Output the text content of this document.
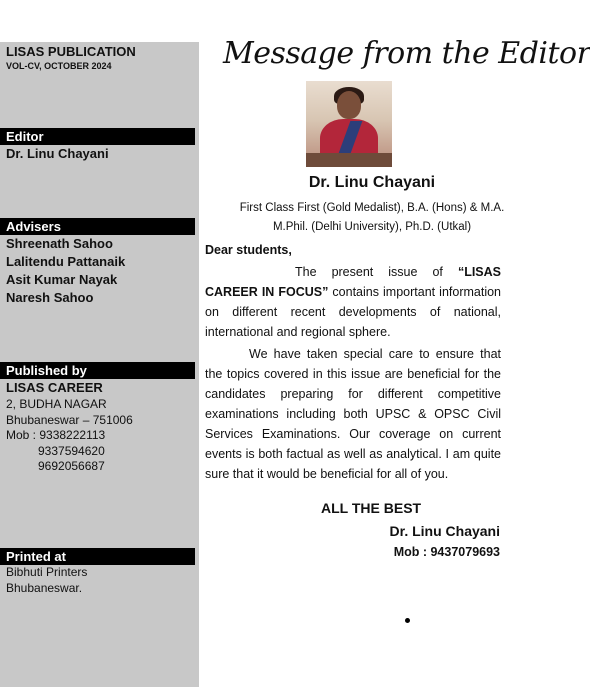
LISAS PUBLICATION
VOL-CV, OCTOBER 2024
Editor
Dr. Linu Chayani
Advisers
Shreenath Sahoo
Lalitendu Pattanaik
Asit Kumar Nayak
Naresh Sahoo
Published by
LISAS CAREER
2, BUDHA NAGAR
Bhubaneswar – 751006
Mob : 9338222113
9337594620
9692056687
Printed at
Bibhuti Printers
Bhubaneswar.
Message from the Editor
Dr. Linu Chayani
First Class First (Gold Medalist), B.A. (Hons) & M.A.
M.Phil. (Delhi University), Ph.D. (Utkal)
Dear students,
The present issue of “LISAS CAREER IN FOCUS” contains important information on different recent developments of national, international and regional sphere.
We have taken special care to ensure that the topics covered in this issue are beneficial for the candidates preparing for different competitive examinations including both UPSC & OPSC Civil Services Examinations. Our coverage on current events is both factual as well as analytical. I am quite sure that it would be beneficial for all of you.
ALL THE BEST
Dr. Linu Chayani
Mob : 9437079693
